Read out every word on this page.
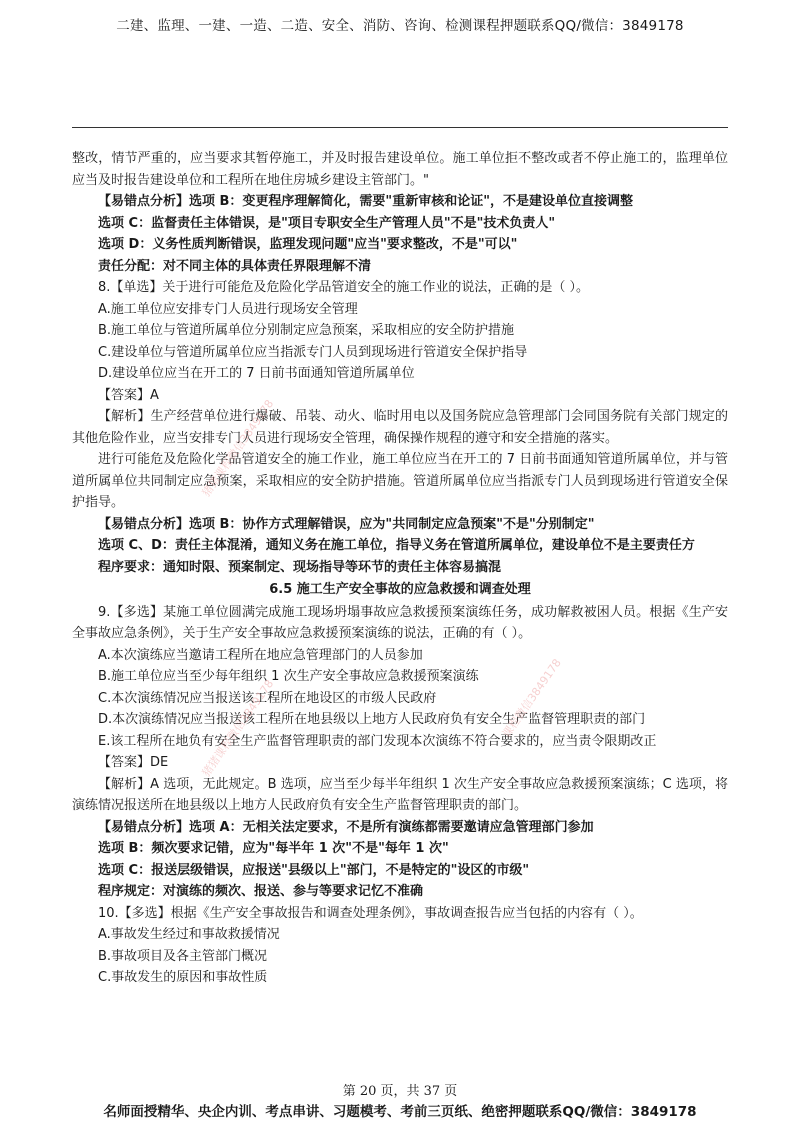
二建、监理、一建、一造、二造、安全、消防、咨询、检测课程押题联系QQ/微信：3849178

整改，情节严重的，应当要求其暂停施工，并及时报告建设单位。施工单位拒不整改或者不停止施工的，监理单位应当及时报告建设单位和工程所在地住房城乡建设主管部门。"

【易错点分析】选项 B：变更程序理解简化，需要"重新审核和论证"，不是建设单位直接调整

选项 C：监督责任主体错误，是"项目专职安全生产管理人员"不是"技术负责人"

选项 D：义务性质判断错误，监理发现问题"应当"要求整改，不是"可以"

责任分配：对不同主体的具体责任界限理解不清

8.【单选】关于进行可能危及危险化学品管道安全的施工作业的说法，正确的是（ ）。

A.施工单位应安排专门人员进行现场安全管理

B.施工单位与管道所属单位分别制定应急预案，采取相应的安全防护措施

C.建设单位与管道所属单位应当指派专门人员到现场进行管道安全保护指导

D.建设单位应当在开工的 7 日前书面通知管道所属单位

【答案】A

【解析】生产经营单位进行爆破、吊装、动火、临时用电以及国务院应急管理部门会同国务院有关部门规定的其他危险作业，应当安排专门人员进行现场安全管理，确保操作规程的遵守和安全措施的落实。

进行可能危及危险化学品管道安全的施工作业，施工单位应当在开工的 7 日前书面通知管道所属单位，并与管道所属单位共同制定应急预案，采取相应的安全防护措施。管道所属单位应当指派专门人员到现场进行管道安全保护指导。

【易错点分析】选项 B：协作方式理解错误，应为"共同制定应急预案"不是"分别制定"

选项 C、D：责任主体混淆，通知义务在施工单位，指导义务在管道所属单位，建设单位不是主要责任方

程序要求：通知时限、预案制定、现场指导等环节的责任主体容易搞混

6.5 施工生产安全事故的应急救援和调查处理

9.【多选】某施工单位圆满完成施工现场坍塌事故应急救援预案演练任务，成功解救被困人员。根据《生产安全事故应急条例》，关于生产安全事故应急救援预案演练的说法，正确的有（ ）。

A.本次演练应当邀请工程所在地应急管理部门的人员参加

B.施工单位应当至少每年组织 1 次生产安全事故应急救援预案演练

C.本次演练情况应当报送该工程所在地设区的市级人民政府

D.本次演练情况应当报送该工程所在地县级以上地方人民政府负有安全生产监督管理职责的部门

E.该工程所在地负有安全生产监督管理职责的部门发现本次演练不符合要求的，应当责令限期改正

【答案】DE

【解析】A 选项，无此规定。B 选项，应当至少每半年组织 1 次生产安全事故应急救援预案演练；C 选项，将演练情况报送所在地县级以上地方人民政府负有安全生产监督管理职责的部门。

【易错点分析】选项 A：无相关法定要求，不是所有演练都需要邀请应急管理部门参加

选项 B：频次要求记错，应为"每半年 1 次"不是"每年 1 次"

选项 C：报送层级错误，应报送"县级以上"部门，不是特定的"设区的市级"

程序规定：对演练的频次、报送、参与等要求记忆不准确

10.【多选】根据《生产安全事故报告和调查处理条例》，事故调查报告应当包括的内容有（ ）。

A.事故发生经过和事故救援情况

B.事故项目及各主管部门概况

C.事故发生的原因和事故性质

猪猪课程微信3849178
课程微信3849178
猪猪课程微信3849178
第 20 页，共 37 页
名师面授精华、央企内训、考点串讲、习题模考、考前三页纸、绝密押题联系QQ/微信：3849178
